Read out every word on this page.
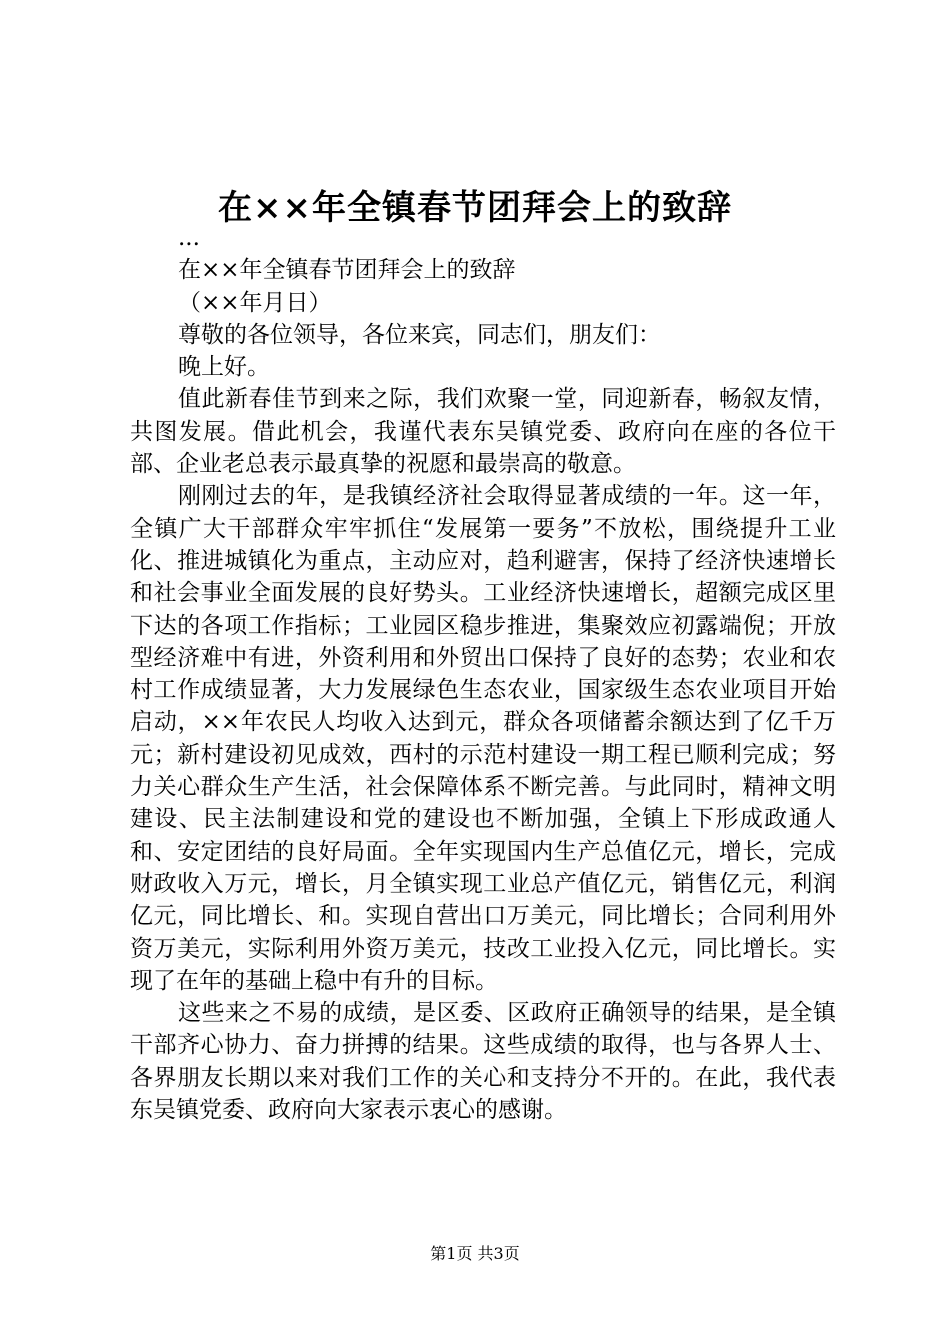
在××年全镇春节团拜会上的致辞
...
在××年全镇春节团拜会上的致辞
（××年月日）
尊敬的各位领导，各位来宾，同志们，朋友们：
晚上好。

值此新春佳节到来之际，我们欢聚一堂，同迎新春，畅叙友情，共图发展。借此机会，我谨代表东吴镇党委、政府向在座的各位干部、企业老总表示最真挚的祝愿和最崇高的敬意。

刚刚过去的年，是我镇经济社会取得显著成绩的一年。这一年，全镇广大干部群众牢牢抓住“发展第一要务”不放松，围绕提升工业化、推进城镇化为重点，主动应对，趋利避害，保持了经济快速增长和社会事业全面发展的良好势头。工业经济快速增长，超额完成区里下达的各项工作指标；工业园区稳步推进，集聚效应初露端倪；开放型经济难中有进，外资利用和外贸出口保持了良好的态势；农业和农村工作成绩显著，大力发展绿色生态农业，国家级生态农业项目开始启动，××年农民人均收入达到元，群众各项储蓄余额达到了亿千万元；新村建设初见成效，西村的示范村建设一期工程已顺利完成；努力关心群众生产生活，社会保障体系不断完善。与此同时，精神文明建设、民主法制建设和党的建设也不断加强，全镇上下形成政通人和、安定团结的良好局面。全年实现国内生产总值亿元，增长，完成财政收入万元，增长，月全镇实现工业总产值亿元，销售亿元，利润亿元，同比增长、和。实现自营出口万美元，同比增长；合同利用外资万美元，实际利用外资万美元，技改工业投入亿元，同比增长。实现了在年的基础上稳中有升的目标。

这些来之不易的成绩，是区委、区政府正确领导的结果，是全镇干部齐心协力、奋力拼搏的结果。这些成绩的取得，也与各界人士、各界朋友长期以来对我们工作的关心和支持分不开的。在此，我代表东吴镇党委、政府向大家表示衷心的感谢。

第1页 共3页
